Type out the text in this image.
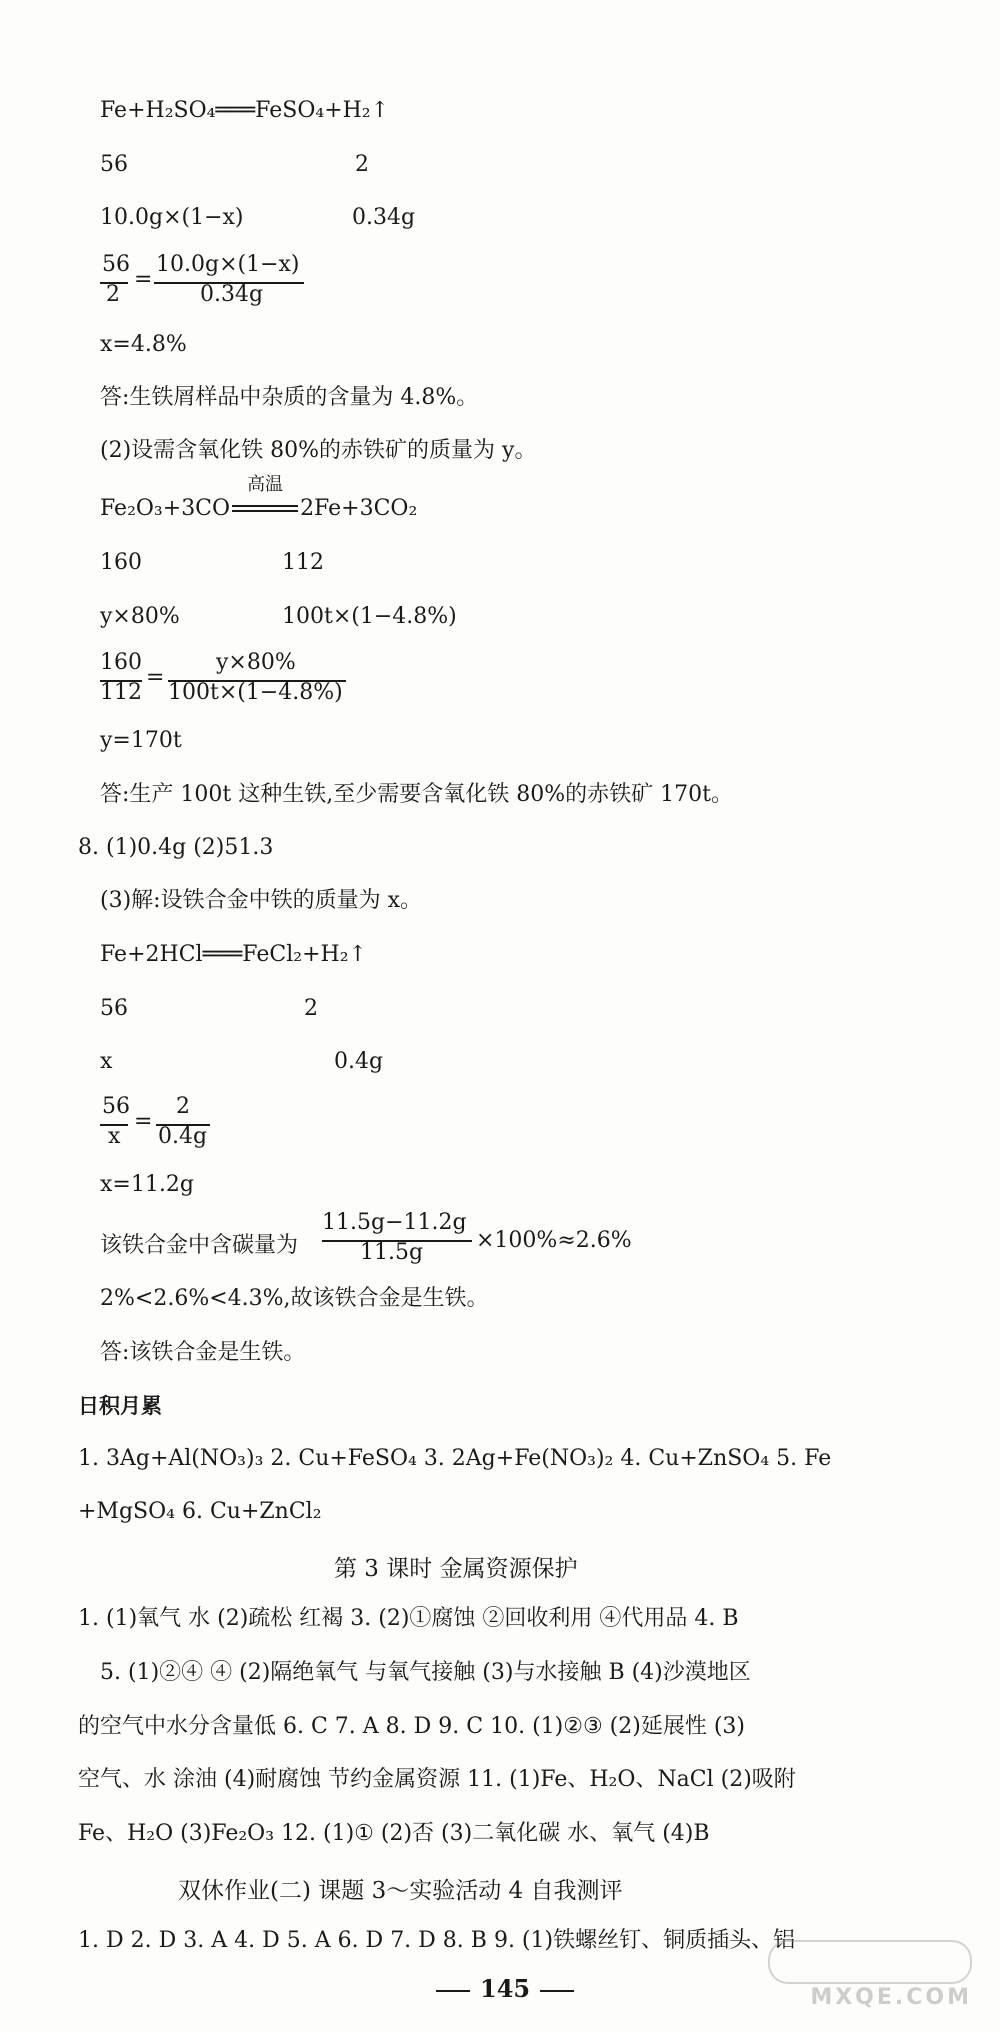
Fe+H₂SO₄═══FeSO₄+H₂↑
56	2
10.0g×(1−x)	0.34g
56
2
=
10.0g×(1−x)
0.34g
x=4.8%
答:生铁屑样品中杂质的含量为 4.8%。
(2)设需含氧化铁 80%的赤铁矿的质量为 y。
Fe₂O₃+3CO
高温
2Fe+3CO₂
160	112
y×80%	100t×(1−4.8%)
160
112
=
y×80%
100t×(1−4.8%)
y=170t
答:生产 100t 这种生铁,至少需要含氧化铁 80%的赤铁矿 170t。
8. (1)0.4g (2)51.3
(3)解:设铁合金中铁的质量为 x。
Fe+2HCl═══FeCl₂+H₂↑
56	2
x	0.4g
56
x
=
2
0.4g
x=11.2g
该铁合金中含碳量为
11.5g−11.2g
11.5g ×100%≈2.6%
2%<2.6%<4.3%,故该铁合金是生铁。
答:该铁合金是生铁。
日积月累
1. 3Ag+Al(NO₃)₃ 2. Cu+FeSO₄ 3. 2Ag+Fe(NO₃)₂ 4. Cu+ZnSO₄ 5. Fe
+MgSO₄ 6. Cu+ZnCl₂
第 3 课时 金属资源保护
1. (1)氧气 水 (2)疏松 红褐 3. (2)①腐蚀 ②回收利用 ④代用品 4. B
5. (1)②④ ④ (2)隔绝氧气 与氧气接触 (3)与水接触 B (4)沙漠地区
的空气中水分含量低 6. C 7. A 8. D 9. C 10. (1)②③ (2)延展性 (3)
空气、水 涂油 (4)耐腐蚀 节约金属资源 11. (1)Fe、H₂O、NaCl (2)吸附
Fe、H₂O (3)Fe₂O₃ 12. (1)① (2)否 (3)二氧化碳 水、氧气 (4)B
双休作业(二) 课题 3～实验活动 4 自我测评
1. D 2. D 3. A 4. D 5. A 6. D 7. D 8. B 9. (1)铁螺丝钉、铜质插头、铝
145	MXQE.COM
